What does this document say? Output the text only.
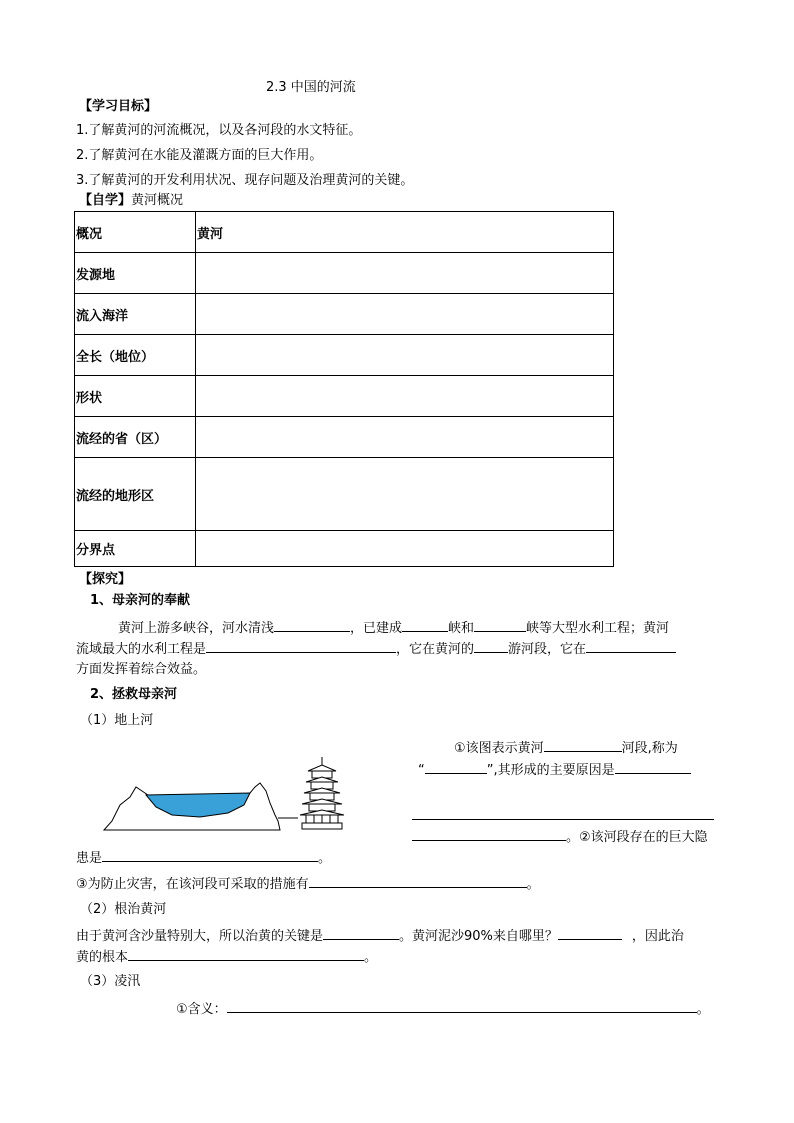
2.3 中国的河流
【学习目标】
1.了解黄河的河流概况，以及各河段的水文特征。
2.了解黄河在水能及灌溉方面的巨大作用。
3.了解黄河的开发利用状况、现存问题及治理黄河的关键。
【自学】黄河概况
概况	黄河
发源地	
流入海洋	
全长（地位）	
形状	
流经的省（区）	
流经的地形区	
分界点	
【探究】
1、母亲河的奉献
黄河上游多峡谷，河水清浅	，已建成	峡和	峡等大型水利工程；黄河
流域最大的水利工程是	，它在黄河的	游河段，它在
方面发挥着综合效益。
2、拯救母亲河
（1）地上河
①该图表示黄河	河段,称为
“	”,其形成的主要原因是
。②该河段存在的巨大隐
患是	。
③为防止灾害，在该河段可采取的措施有	。
（2）根治黄河
由于黄河含沙量特别大，所以治黄的关键是	。黄河泥沙90%来自哪里？	，因此治
黄的根本	。
（3）凌汛
①含义：	。
